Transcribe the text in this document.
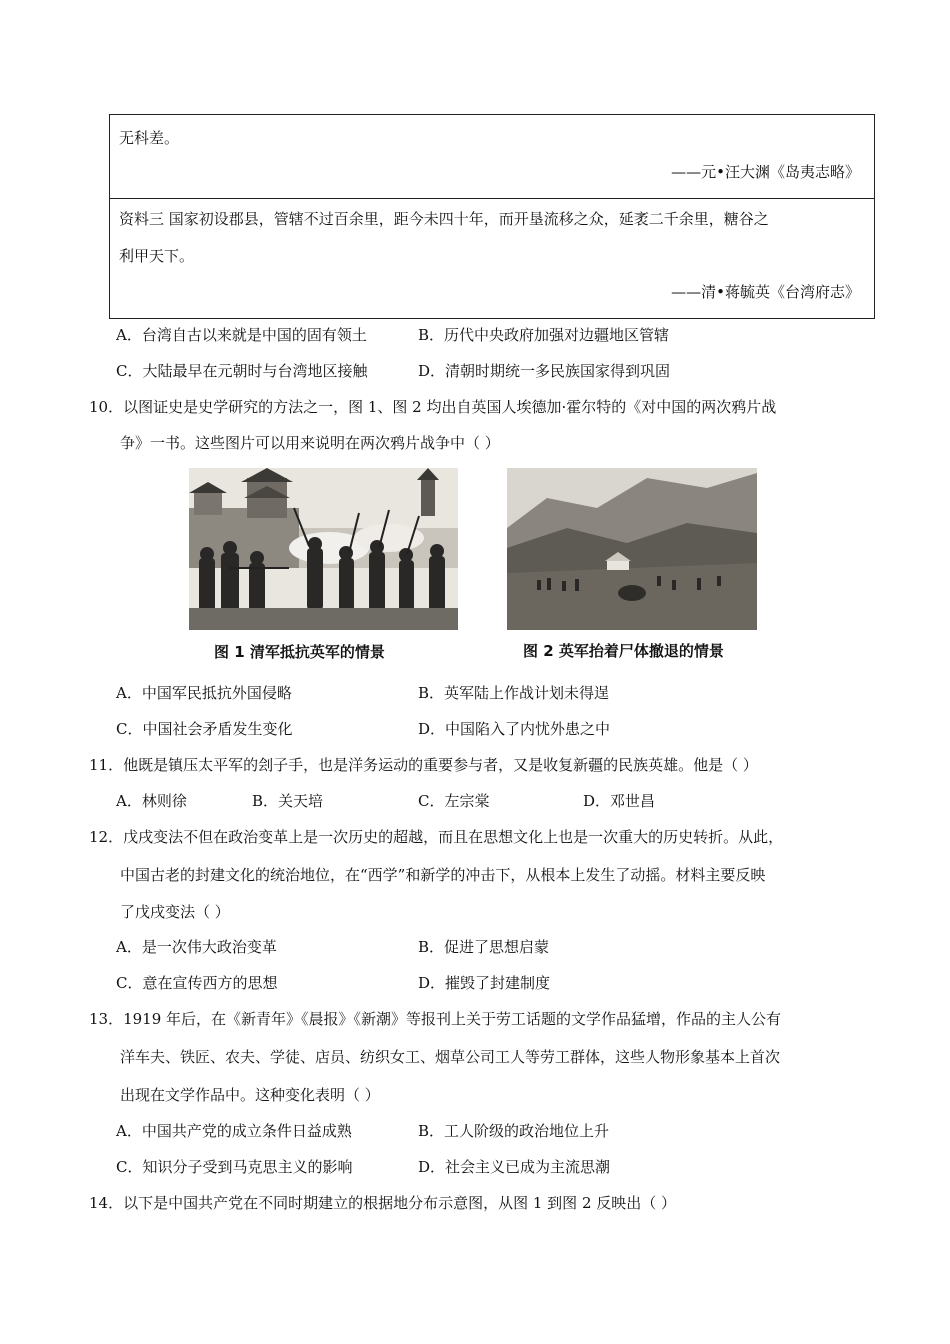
无科差。
——元•汪大渊《岛夷志略》
资料三 国家初设郡县，管辖不过百余里，距今未四十年，而开垦流移之众，延袤二千余里，糖谷之
利甲天下。
——清•蒋毓英《台湾府志》
A．台湾自古以来就是中国的固有领土	B．历代中央政府加强对边疆地区管辖
C．大陆最早在元朝时与台湾地区接触	D．清朝时期统一多民族国家得到巩固
10．以图证史是史学研究的方法之一，图 1、图 2 均出自英国人埃德加·霍尔特的《对中国的两次鸦片战
争》一书。这些图片可以用来说明在两次鸦片战争中（ ）
图 1 清军抵抗英军的情景	图 2 英军抬着尸体撤退的情景
A．中国军民抵抗外国侵略	B．英军陆上作战计划未得逞
C．中国社会矛盾发生变化	D．中国陷入了内忧外患之中
11．他既是镇压太平军的刽子手，也是洋务运动的重要参与者，又是收复新疆的民族英雄。他是（ ）
A．林则徐	B．关天培	C．左宗棠	D．邓世昌
12．戊戌变法不但在政治变革上是一次历史的超越，而且在思想文化上也是一次重大的历史转折。从此，
中国古老的封建文化的统治地位，在“西学”和新学的冲击下，从根本上发生了动摇。材料主要反映
了戊戌变法（ ）
A．是一次伟大政治变革	B．促进了思想启蒙
C．意在宣传西方的思想	D．摧毁了封建制度
13．1919 年后，在《新青年》《晨报》《新潮》等报刊上关于劳工话题的文学作品猛增，作品的主人公有
洋车夫、铁匠、农夫、学徒、店员、纺织女工、烟草公司工人等劳工群体，这些人物形象基本上首次
出现在文学作品中。这种变化表明（ ）
A．中国共产党的成立条件日益成熟	B．工人阶级的政治地位上升
C．知识分子受到马克思主义的影响	D．社会主义已成为主流思潮
14．以下是中国共产党在不同时期建立的根据地分布示意图，从图 1 到图 2 反映出（ ）
